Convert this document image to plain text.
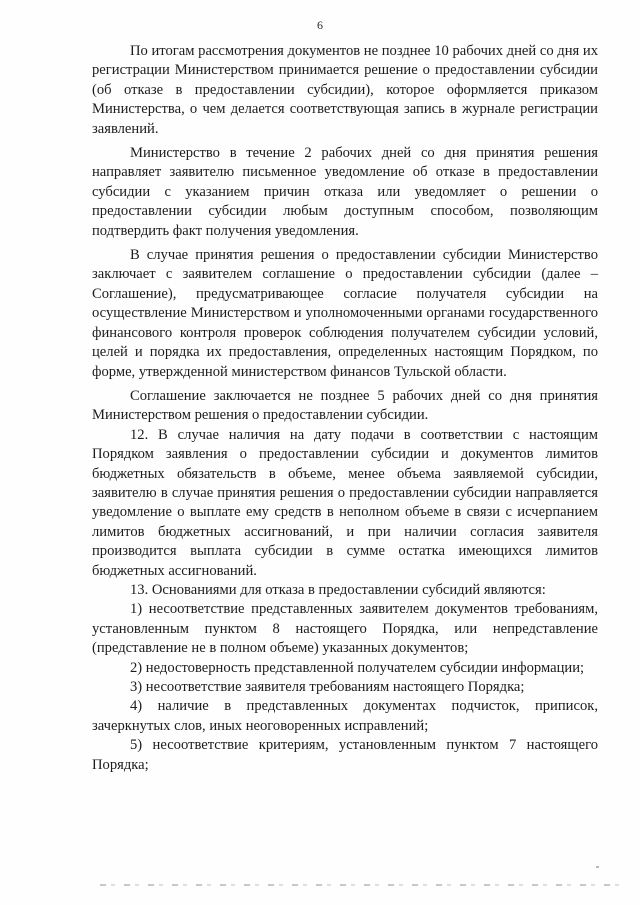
6

По итогам рассмотрения документов не позднее 10 рабочих дней со дня их регистрации Министерством принимается решение о предоставлении субсидии (об отказе в предоставлении субсидии), которое оформляется приказом Министерства, о чем делается соответствующая запись в журнале регистрации заявлений.

Министерство в течение 2 рабочих дней со дня принятия решения направляет заявителю письменное уведомление об отказе в предоставлении субсидии с указанием причин отказа или уведомляет о решении о предоставлении субсидии любым доступным способом, позволяющим подтвердить факт получения уведомления.

В случае принятия решения о предоставлении субсидии Министерство заключает с заявителем соглашение о предоставлении субсидии (далее – Соглашение), предусматривающее согласие получателя субсидии на осуществление Министерством и уполномоченными органами государственного финансового контроля проверок соблюдения получателем субсидии условий, целей и порядка их предоставления, определенных настоящим Порядком, по форме, утвержденной министерством финансов Тульской области.

Соглашение заключается не позднее 5 рабочих дней со дня принятия Министерством решения о предоставлении субсидии.

12. В случае наличия на дату подачи в соответствии с настоящим Порядком заявления о предоставлении субсидии и документов лимитов бюджетных обязательств в объеме, менее объема заявляемой субсидии, заявителю в случае принятия решения о предоставлении субсидии направляется уведомление о выплате ему средств в неполном объеме в связи с исчерпанием лимитов бюджетных ассигнований, и при наличии согласия заявителя производится выплата субсидии в сумме остатка имеющихся лимитов бюджетных ассигнований.

13. Основаниями для отказа в предоставлении субсидий являются:

1) несоответствие представленных заявителем документов требованиям, установленным пунктом 8 настоящего Порядка, или непредставление (представление не в полном объеме) указанных документов;

2) недостоверность представленной получателем субсидии информации;

3) несоответствие заявителя требованиям настоящего Порядка;

4) наличие в представленных документах подчисток, приписок, зачеркнутых слов, иных неоговоренных исправлений;

5) несоответствие критериям, установленным пунктом 7 настоящего Порядка;
